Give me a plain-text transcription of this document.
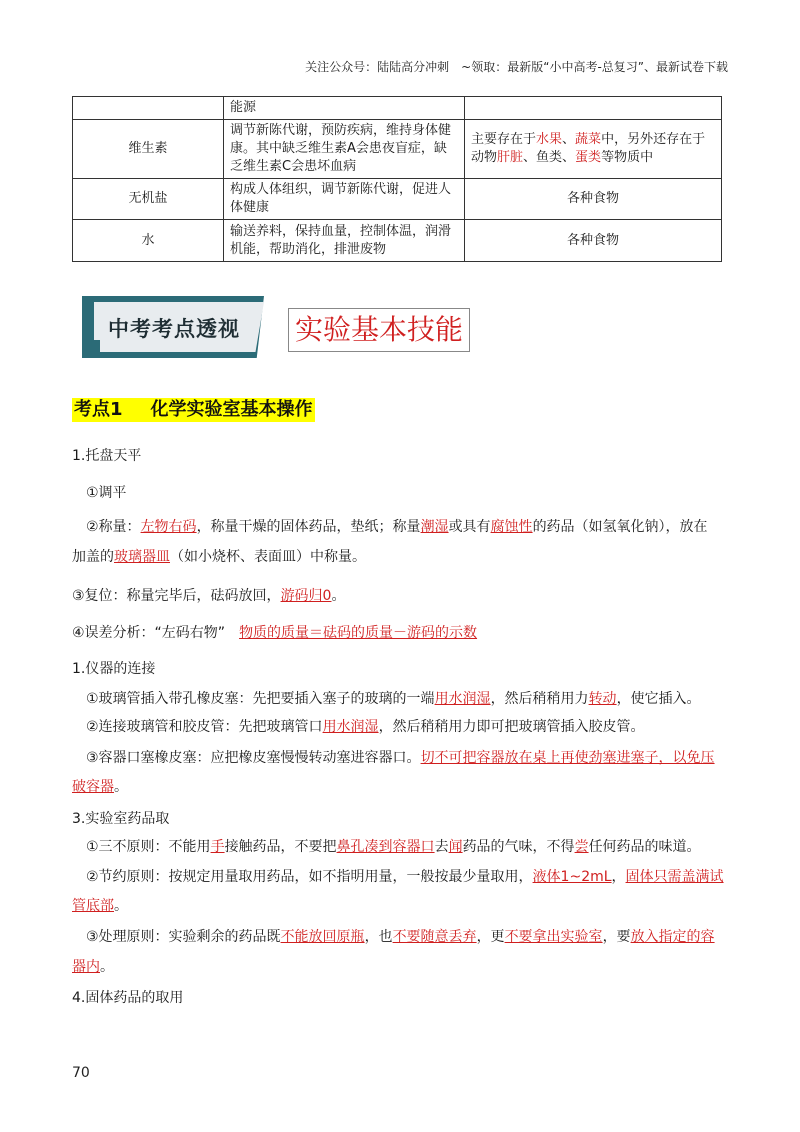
关注公众号：陆陆高分冲刺　~领取：最新版“小中高考-总复习”、最新试卷下载
	能源	
维生素	调节新陈代谢，预防疾病，维持身体健康。其中缺乏维生素A会患夜盲症，缺乏维生素C会患坏血病	主要存在于水果、蔬菜中，另外还存在于动物肝脏、鱼类、蛋类等物质中
无机盐	构成人体组织，调节新陈代谢，促进人体健康	各种食物
水	输送养料，保持血量，控制体温，润滑机能，帮助消化，排泄废物	各种食物
中考考点透视 实验基本技能
考点1 化学实验室基本操作
1.托盘天平
①调平
②称量：左物右码，称量干燥的固体药品，垫纸；称量潮湿或具有腐蚀性的药品（如氢氧化钠），放在
加盖的玻璃器皿（如小烧杯、表面皿）中称量。
③复位：称量完毕后，砝码放回，游码归0。
④误差分析：“左码右物”　物质的质量＝砝码的质量－游码的示数
1.仪器的连接
①玻璃管插入带孔橡皮塞：先把要插入塞子的玻璃的一端用水润湿，然后稍稍用力转动，使它插入。
②连接玻璃管和胶皮管：先把玻璃管口用水润湿，然后稍稍用力即可把玻璃管插入胶皮管。
③容器口塞橡皮塞：应把橡皮塞慢慢转动塞进容器口。切不可把容器放在桌上再使劲塞进塞子，以免压
破容器。
3.实验室药品取
①三不原则：不能用手接触药品，不要把鼻孔凑到容器口去闻药品的气味，不得尝任何药品的味道。
②节约原则：按规定用量取用药品，如不指明用量，一般按最少量取用，液体1~2mL，固体只需盖满试
管底部。
③处理原则：实验剩余的药品既不能放回原瓶，也不要随意丢弃，更不要拿出实验室，要放入指定的容
器内。
4.固体药品的取用
70
